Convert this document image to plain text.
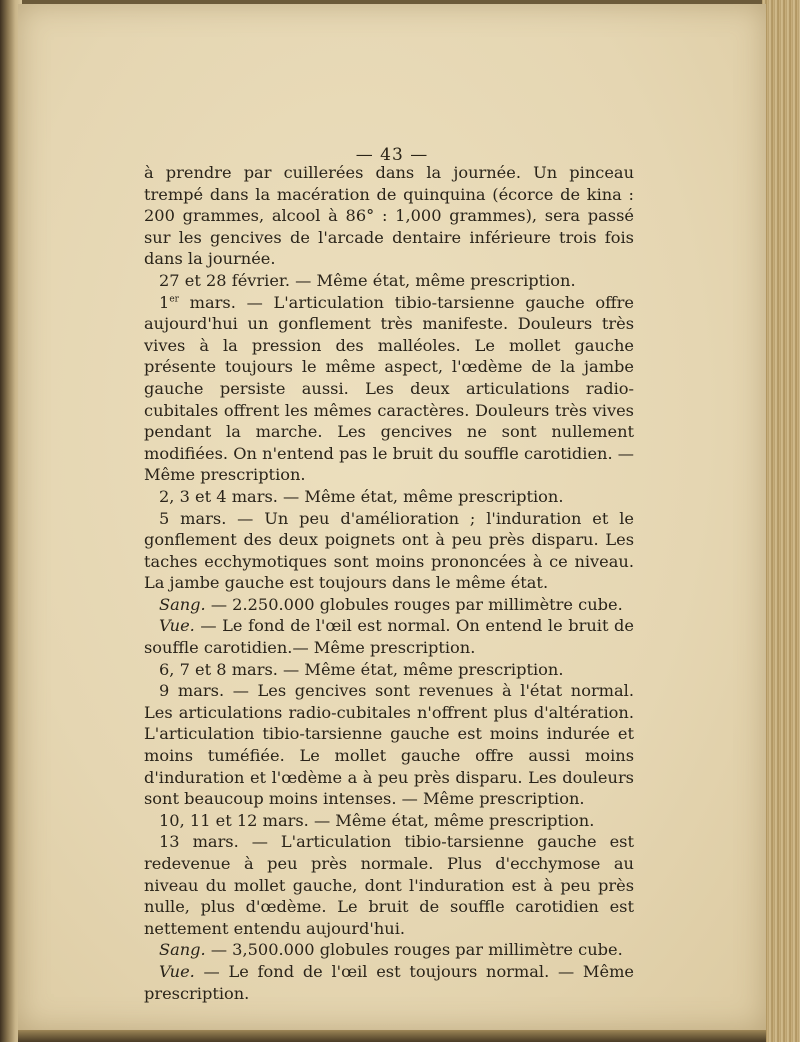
— 43 —

à prendre par cuillerées dans la journée. Un pinceau trempé dans la macération de quinquina (écorce de kina : 200 grammes, alcool à 86° : 1,000 grammes), sera passé sur les gencives de l'arcade dentaire inférieure trois fois dans la journée.

27 et 28 février. — Même état, même prescription.

1er mars. — L'articulation tibio-tarsienne gauche offre aujourd'hui un gonflement très manifeste. Douleurs très vives à la pression des malléoles. Le mollet gauche présente toujours le même aspect, l'œdème de la jambe gauche persiste aussi. Les deux articulations radio-cubitales offrent les mêmes caractères. Douleurs très vives pendant la marche. Les gencives ne sont nullement modifiées. On n'entend pas le bruit du souffle carotidien. — Même prescription.

2, 3 et 4 mars. — Même état, même prescription.

5 mars. — Un peu d'amélioration ; l'induration et le gonflement des deux poignets ont à peu près disparu. Les taches ecchymotiques sont moins prononcées à ce niveau. La jambe gauche est toujours dans le même état.

Sang. — 2.250.000 globules rouges par millimètre cube.

Vue. — Le fond de l'œil est normal. On entend le bruit de souffle carotidien.— Même prescription.

6, 7 et 8 mars. — Même état, même prescription.

9 mars. — Les gencives sont revenues à l'état normal. Les articulations radio-cubitales n'offrent plus d'altération. L'articulation tibio-tarsienne gauche est moins indurée et moins tuméfiée. Le mollet gauche offre aussi moins d'induration et l'œdème a à peu près disparu. Les douleurs sont beaucoup moins intenses. — Même prescription.

10, 11 et 12 mars. — Même état, même prescription.

13 mars. — L'articulation tibio-tarsienne gauche est redevenue à peu près normale. Plus d'ecchymose au niveau du mollet gauche, dont l'induration est à peu près nulle, plus d'œdème. Le bruit de souffle carotidien est nettement entendu aujourd'hui.

Sang. — 3,500.000 globules rouges par millimètre cube.

Vue. — Le fond de l'œil est toujours normal. — Même prescription.
